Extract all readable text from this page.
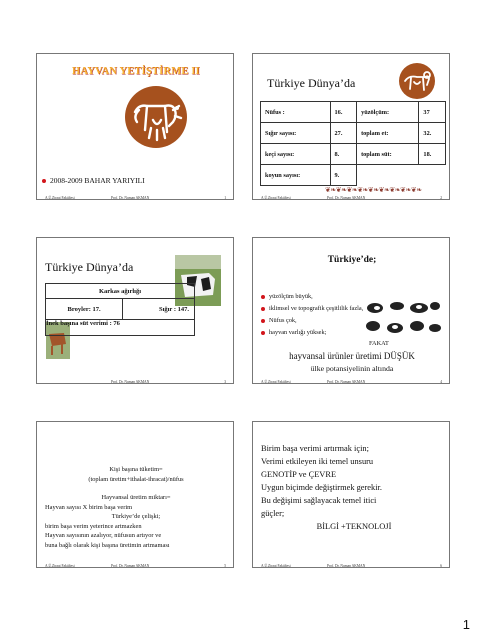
HAYVAN YETİŞTİRME II
2008-2009 BAHAR YARIYILI
A.Ü.Ziraat Fakültesi	Prof. Dr. Numan AKMAN	1
Türkiye Dünya’da
Nüfus :	16.	yüzölçüm:	37
Sığır sayısı:	27.	toplam et:	32.
keçi sayısı:	8.	toplam süt:	18.
koyun sayısı:	9.		
❦❧❦❧❦❧❦❧❦❧❦❧❦❧❦❧❦❧
A.Ü.Ziraat Fakültesi	Prof. Dr. Numan AKMAN	2
Türkiye Dünya’da
Karkas ağırlığı
Broyler: 17.	Sığır : 147.
İnek başına süt verimi : 76
Prof. Dr. Numan AKMAN	3
Türkiye’de;
yüzölçüm büyük,
iklimsel ve topografik çeşitlilik fazla,
Nüfus çok,
hayvan varlığı yüksek;
FAKAT
hayvansal ürünler üretimi DÜŞÜK
ülke potansiyelinin altında
A.Ü.Ziraat Fakültesi	Prof. Dr. Numan AKMAN	4
Kişi başına tüketim=
(toplam üretim+ithalat-ihracat)/nüfus
Hayvansal üretim miktarı=
Hayvan sayısı X birim başa verim
Türkiye’de çelişki;
birim başa verim yeterince artmazken
Hayvan sayısının azalıyor, nüfusun artıyor ve
buna bağlı olarak kişi başına üretimin artmaması
A.Ü.Ziraat Fakültesi	Prof. Dr. Numan AKMAN	5
Birim başa verimi artırmak için;
Verimi etkileyen iki temel unsuru
GENOTİP ve ÇEVRE
Uygun biçimde değiştirmek gerekir.
Bu değişimi sağlayacak temel itici
güçler;
BİLGİ +TEKNOLOJİ
A.Ü.Ziraat Fakültesi	Prof. Dr. Numan AKMAN	6
1
